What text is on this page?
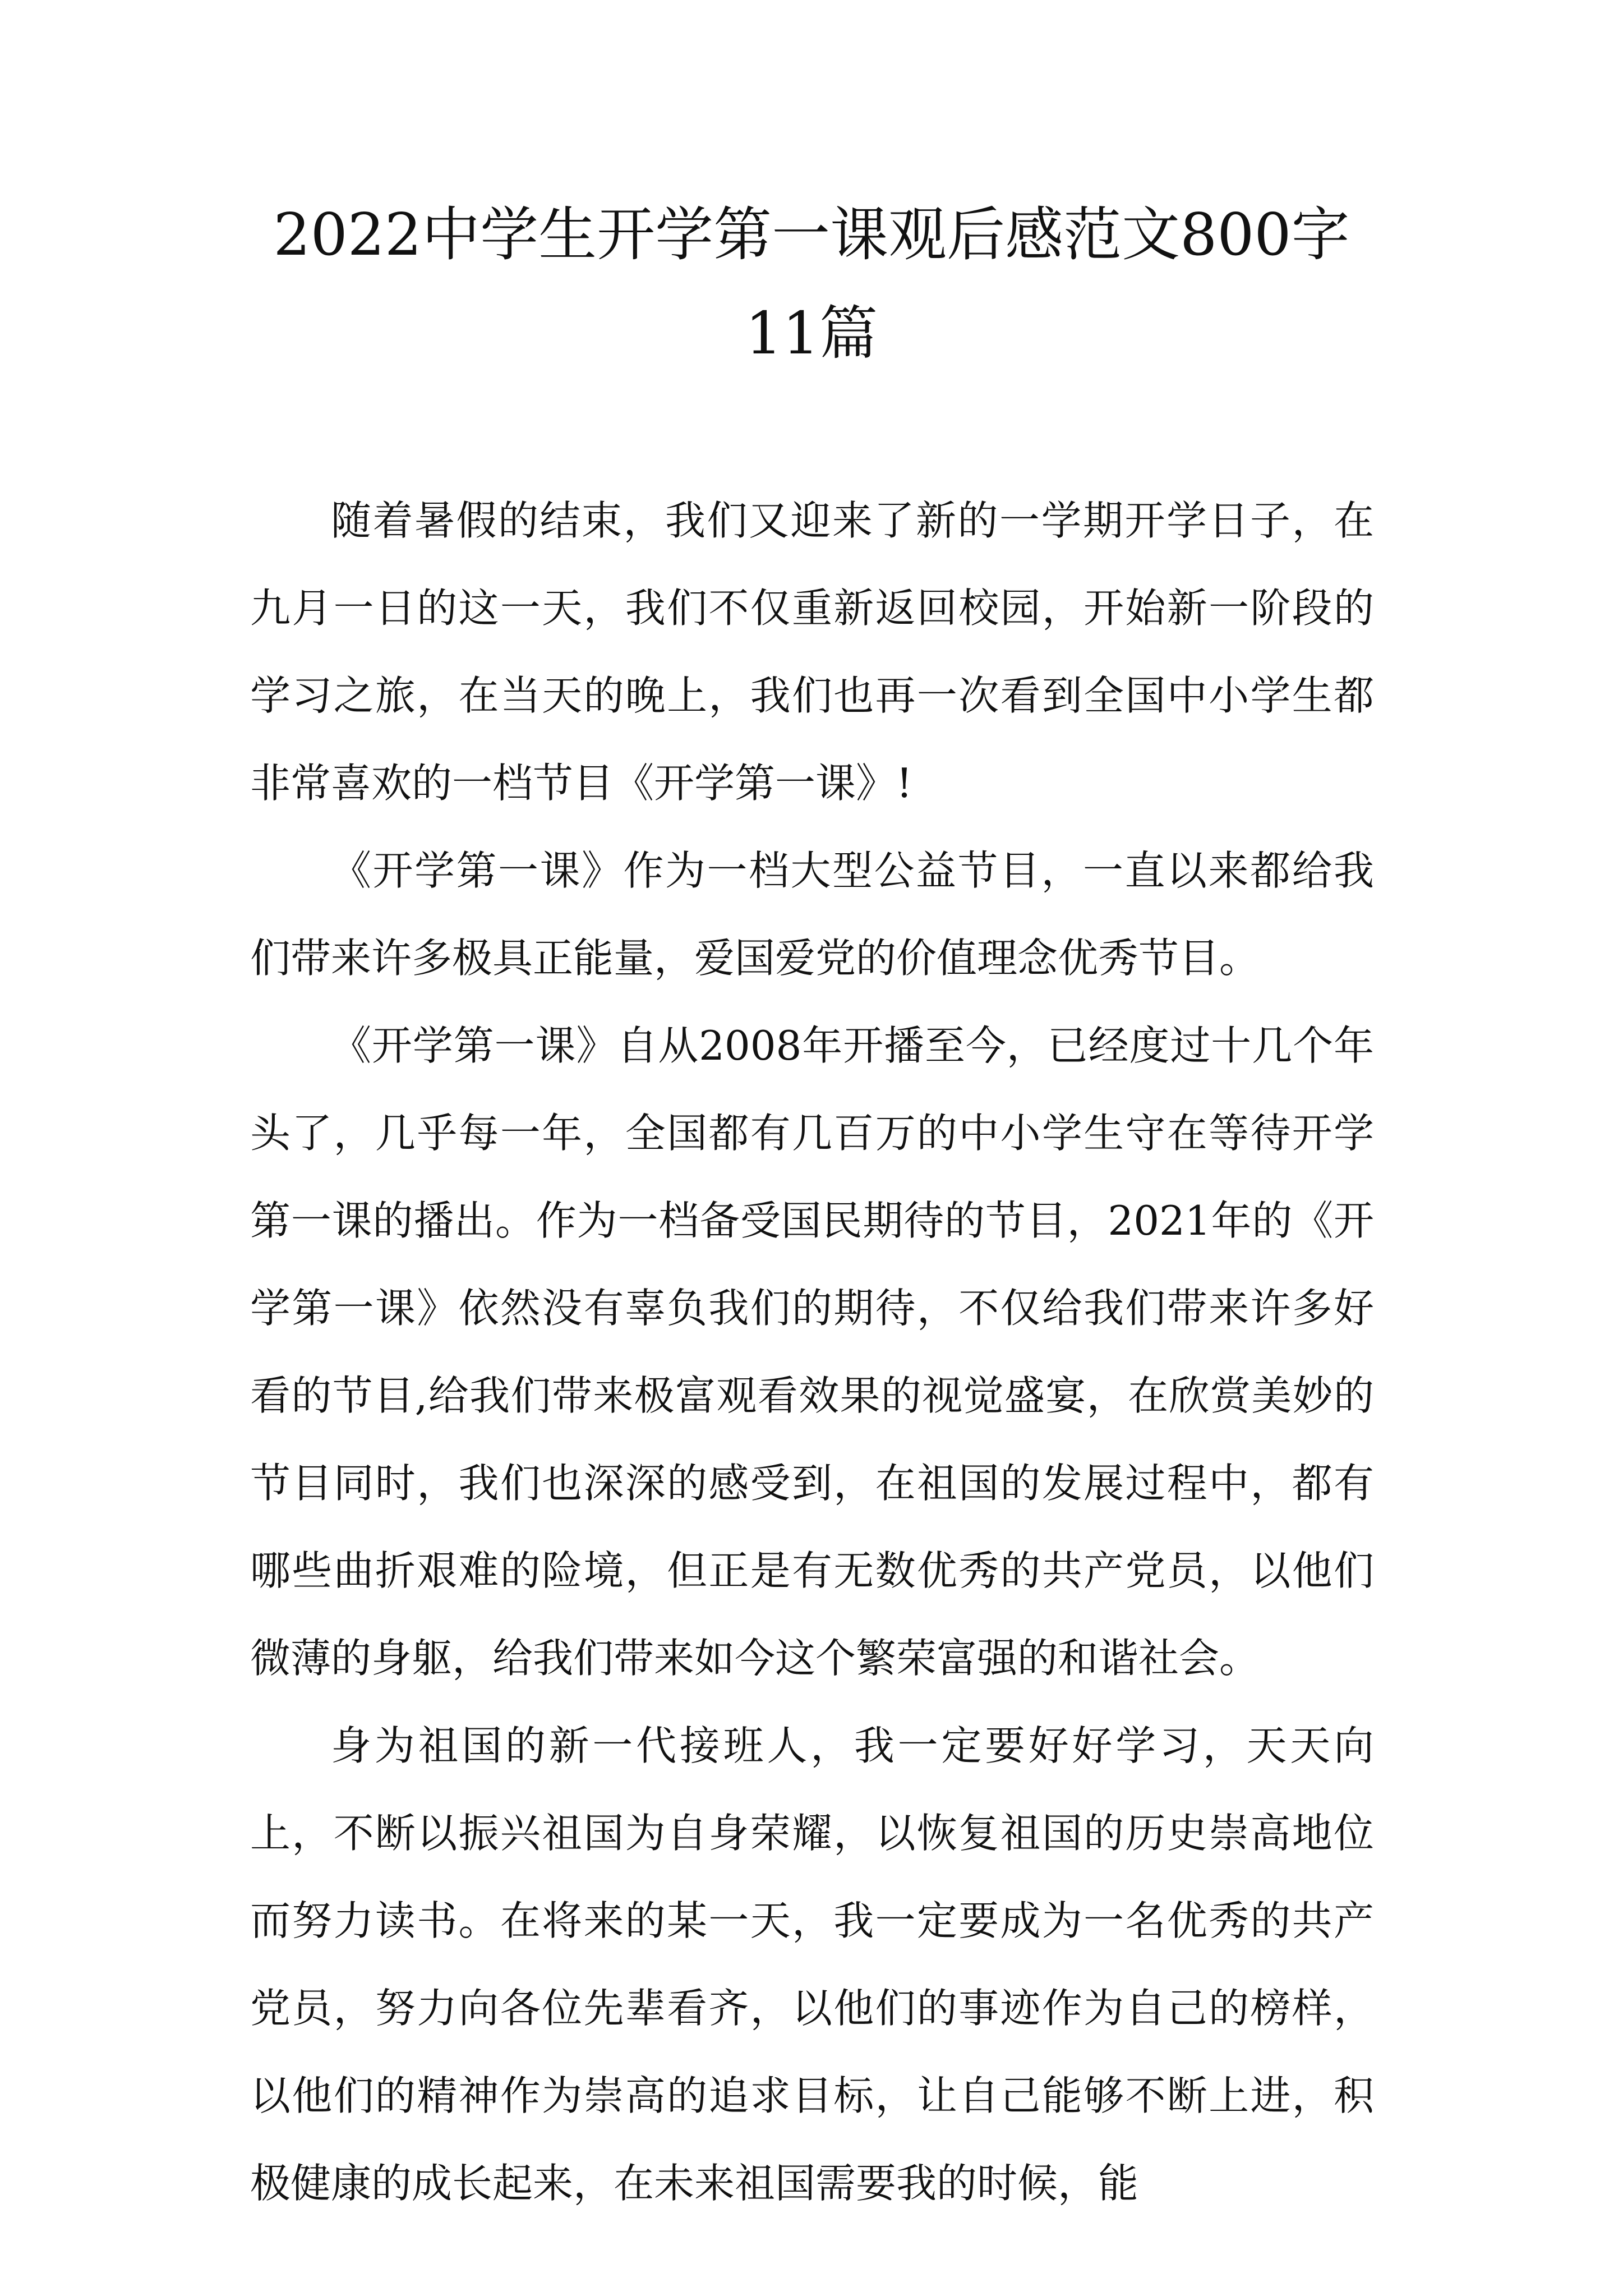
2022中学生开学第一课观后感范文800字
11篇

随着暑假的结束，我们又迎来了新的一学期开学日子，在九月一日的这一天，我们不仅重新返回校园，开始新一阶段的学习之旅，在当天的晚上，我们也再一次看到全国中小学生都非常喜欢的一档节目《开学第一课》!

《开学第一课》作为一档大型公益节目，一直以来都给我们带来许多极具正能量，爱国爱党的价值理念优秀节目。

《开学第一课》自从2008年开播至今，已经度过十几个年头了，几乎每一年，全国都有几百万的中小学生守在等待开学第一课的播出。作为一档备受国民期待的节目，2021年的《开学第一课》依然没有辜负我们的期待，不仅给我们带来许多好看的节目,给我们带来极富观看效果的视觉盛宴，在欣赏美妙的节目同时，我们也深深的感受到，在祖国的发展过程中，都有哪些曲折艰难的险境，但正是有无数优秀的共产党员，以他们微薄的身躯，给我们带来如今这个繁荣富强的和谐社会。

身为祖国的新一代接班人，我一定要好好学习，天天向上，不断以振兴祖国为自身荣耀，以恢复祖国的历史崇高地位而努力读书。在将来的某一天，我一定要成为一名优秀的共产党员，努力向各位先辈看齐，以他们的事迹作为自己的榜样，以他们的精神作为崇高的追求目标，让自己能够不断上进，积极健康的成长起来，在未来祖国需要我的时候，能
